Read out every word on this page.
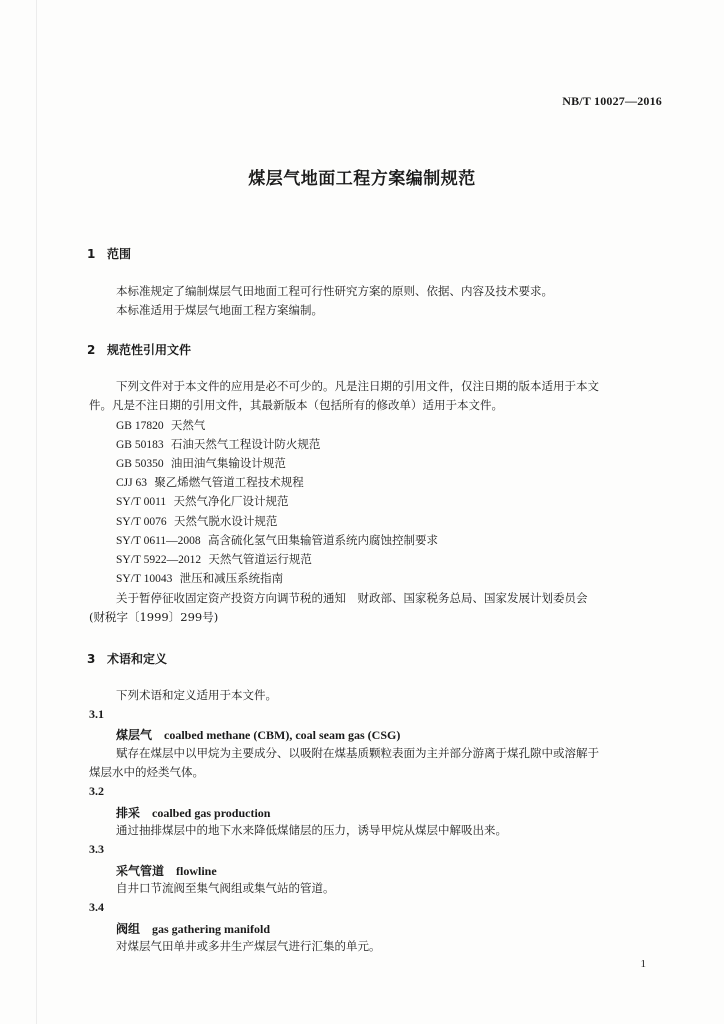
NB/T 10027—2016
煤层气地面工程方案编制规范
1 范围
本标准规定了编制煤层气田地面工程可行性研究方案的原则、依据、内容及技术要求。
本标准适用于煤层气地面工程方案编制。
2 规范性引用文件
下列文件对于本文件的应用是必不可少的。凡是注日期的引用文件，仅注日期的版本适用于本文
件。凡是不注日期的引用文件，其最新版本（包括所有的修改单）适用于本文件。
GB 17820 天然气
GB 50183 石油天然气工程设计防火规范
GB 50350 油田油气集输设计规范
CJJ 63 聚乙烯燃气管道工程技术规程
SY/T 0011 天然气净化厂设计规范
SY/T 0076 天然气脱水设计规范
SY/T 0611—2008 高含硫化氢气田集输管道系统内腐蚀控制要求
SY/T 5922—2012 天然气管道运行规范
SY/T 10043 泄压和减压系统指南
关于暂停征收固定资产投资方向调节税的通知　财政部、国家税务总局、国家发展计划委员会
(财税字〔1999〕299号)
3 术语和定义
下列术语和定义适用于本文件。
3.1
煤层气 coalbed methane (CBM), coal seam gas (CSG)
赋存在煤层中以甲烷为主要成分、以吸附在煤基质颗粒表面为主并部分游离于煤孔隙中或溶解于
煤层水中的烃类气体。
3.2
排采 coalbed gas production
通过抽排煤层中的地下水来降低煤储层的压力，诱导甲烷从煤层中解吸出来。
3.3
采气管道 flowline
自井口节流阀至集气阀组或集气站的管道。
3.4
阀组 gas gathering manifold
对煤层气田单井或多井生产煤层气进行汇集的单元。
1
